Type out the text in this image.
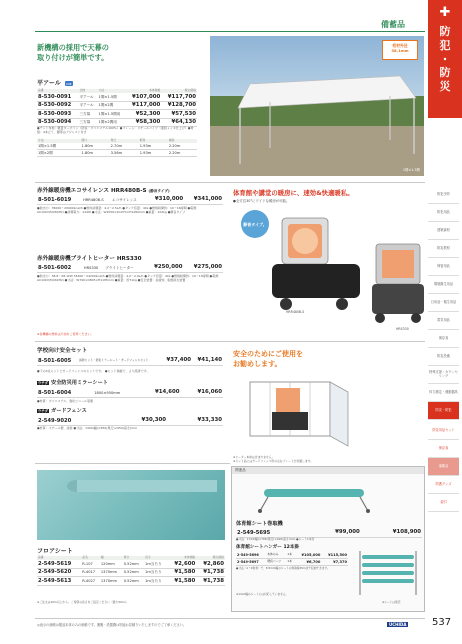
備蓄品
✚
防
犯
・
防
災
新機構の採用で天幕の
取り付けが簡単です。
平アール ▭▸
品番	仕様	寸法	本体価格	税込価格
8-530-0091	平アール	1間×1.5間	¥107,000	¥117,700
8-530-0092	平アール	1間×2間	¥117,000	¥128,700
8-530-0093	三方幕	1間×1.5間用	¥52,300	¥57,530
8-530-0094	三方幕	1間×2間用	¥58,300	¥64,130
●テント布地：軽量ターポリン（防炎・ポリエステル100%）●フレーム：スチールパイプ（亜鉛メッキ仕上げ）●骨組：4本立て、脚部はアジャスト付き
寸法	間口	奥行	軒高	棟高
1間×1.5間	1.80m	2.70m	1.93m	2.20m
1間×2間	1.80m	3.56m	1.93m	2.20m
桁材外径
38.1mm
1間×1.5間
赤外線暖房機エコサイレンス HRR480B-S (静音タイプ)
8-501-6019	HRR480B-S	エコサイレンス	¥310,000	¥341,000
●熱出力：35000〜20900kcal/h ●燃料消費量：4.2〜2.5L/h ●タンク容量：40L ●燃焼時間約：10〜16時間 ●電源：AC100V(50/60Hz) ●消費電力：144W ●寸法：W1056×D1070×H1280mm ●重量：102kg ●静音タイプ
赤外線暖房機ブライトヒーター HRS330
8-501-6002	HRS330	ブライトヒーター	¥250,000	¥275,000
●熱出力：38.8〜28.1kW 33400〜24200kcal/h ●燃料消費量：4.0〜2.9L/h ●タンク容量：40L ●燃焼時間約：10〜13時間 ●電源：AC100V(50/60Hz) ●寸法：W790×D805×H1185mm ●重量：約71kg ●安全装置：炎検知、転倒消火装置
※各機種の燃料は灯油をご使用ください。
体育館や講堂の暖房に、速効&快適暖私。
●全方位30°にワイドな暖房が可能。
静音タイプ。
HRR480B-S
HRS330
学校向け安全セット
8-501-6005	消防セット・防災ミラーシート・ガードフェンスセット	¥37,400	¥41,140
●下の3点セットとガードフェンスのセットです。 ●セット価格で、より経済です。
ウチダ 安全防災用ミラーシート
8-501-6004	1800×950mm	¥14,600	¥16,060
●材質：ポリエステル、強化ビニール等製
ウチダ ガードフェンス
2-549-9020	¥30,300	¥33,330
●材質：スチール製、塗装 ●寸法：1300(幅)×850(奥行)×950(高さ)mm
安全のためにご使用を
お勧めします。
※ヒーター本体は含まれません。
※セット品にはガードフェンス用の左右プレートが付属します。
フロアシート
品番	品名	幅	厚さ	長さ	本体価格	税込価格
2-549-5619	R-107	120mm	0.52mm	1m当たり	¥2,600	¥2,860
2-549-5620	R-4017	1370mm	0.52mm	1m当たり	¥1,580	¥1,738
2-549-5613	R-4027	1370mm	0.52mm	1m当たり	¥1,580	¥1,738
※ご注文は10m以上から。ご希望の長さをご指定ください（最大50m）。
関連品
体育館シート巻取機
2-549-5695	¥99,000	¥108,900
●寸法：1724(幅)×706(奥行)×916(高さ)mm ●シート1本付
体育館シートハンガー 12本掛
2-549-5696	本体のみ	1本	¥105,000	¥115,500
2-549-5697	増設パーツ	1本	¥6,700	¥7,370
●寸法（1〜9枚巻）で、8.5mm幅のシートの巻取時45mまで収納できます。
※1mm幅のシートには対応していません。
※シートは別売
防犯予防
防犯用品
建築資材
防災教材
保管用品
環境衛生用品
日用品・衛生用品
電気用品
保存食
防災設備
特殊支援・カウンセリング
体力測定・運動器具
防災・防犯
防災用品セット
保存食
備蓄品
防護グッズ
索引
◎表示の価格は製品本体のみの価格です。運搬・設置費は別途お見積りいたしますのでご了承ください。	UCHIDA	537
